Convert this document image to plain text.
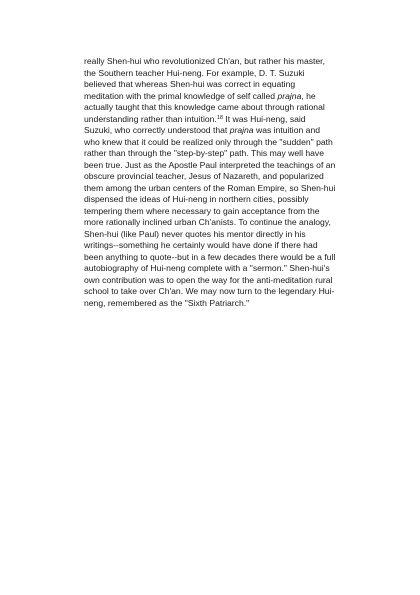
really Shen-hui who revolutionized Ch'an, but rather his master,
the Southern teacher Hui-neng. For example, D. T. Suzuki
believed that whereas Shen-hui was correct in equating
meditation with the primal knowledge of self called prajna, he
actually taught that this knowledge came about through rational
understanding rather than intuition.$^{18}$ It was Hui-neng, said
Suzuki, who correctly understood that prajna was intuition and
who knew that it could be realized only through the "sudden" path
rather than through the "step-by-step" path. This may well have
been true. Just as the Apostle Paul interpreted the teachings of an
obscure provincial teacher, Jesus of Nazareth, and popularized
them among the urban centers of the Roman Empire, so Shen-hui
dispensed the ideas of Hui-neng in northern cities, possibly
tempering them where necessary to gain acceptance from the
more rationally inclined urban Ch'anists. To continue the analogy,
Shen-hui (like Paul) never quotes his mentor directly in his
writings--something he certainly would have done if there had
been anything to quote--but in a few decades there would be a full
autobiography of Hui-neng complete with a "sermon." Shen-hui's
own contribution was to open the way for the anti-meditation rural
school to take over Ch'an. We may now turn to the legendary Hui-
neng, remembered as the "Sixth Patriarch."
